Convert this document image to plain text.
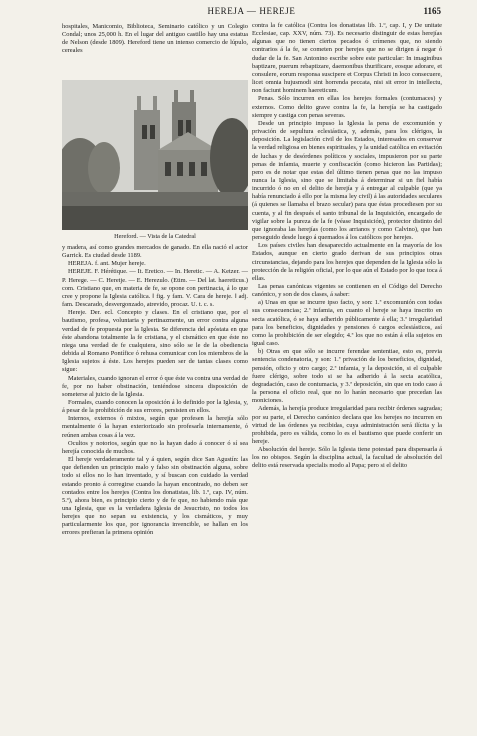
HEREJA — HEREJE	1165

hospitales, Manicomio, Biblioteca, Seminario católico y un Colegio Condal; unos 25,000 h. En el lugar del antiguo castillo hay una estatua de Nelson (desde 1809). Hereford tiene un intenso comercio de lúpulo, cereales

Hereford. — Vista de la Catedral

y madera, así como grandes mercados de ganado. En ella nació el actor Garrick. Es ciudad desde 1189.

HEREJA. f. ant. Mujer hereje.

HEREJE. F. Hérétique. — It. Eretico. — In. Heretic. — A. Ketzer. — P. Herege. — C. Heretje. — E. Herezulo. (Etim. — Del lat. haereticus.) com. Cristiano que, en materia de fe, se opone con pertinacia, á lo que cree y propone la Iglesia católica. ‖ fig. y fam. V. Cara de hereje. ‖ adj. fam. Descarado, desvergonzado, atrevido, procaz. U. t. c. s.

Hereje. Der. ecl. Concepto y clases. En el cristiano que, por el bautismo, profesa, voluntaria y pertinazmente, un error contra alguna verdad de fe propuesta por la Iglesia. Se diferencia del apóstata en que éste abandona totalmente la fe cristiana, y el cismático en que éste no niega una verdad de fe cualquiera, sino sólo se le de la obediencia debida al Romano Pontífice ó rehusa comunicar con los miembros de la Iglesia sujetos á éste. Los herejes pueden ser de tantas clases como sigue:

Materiales, cuando ignoran el error ó que éste va contra una verdad de fe, por no haber obstinación, teniéndose sincera disposición de someterse al juicio de la Iglesia.

Formales, cuando conocen la oposición á lo definido por la Iglesia, y, á pesar de la prohibición de sus errores, persisten en ellos.

Internos, externos ó mixtos, según que profesen la herejía sólo mentalmente ó la hayan exteriorizado sin profesarla internamente, ó reúnen ambas cosas á la vez.

Ocultos y notorios, según que no la hayan dado á conocer ó sí sea herejía conocida de muchos.

El hereje verdaderamente tal y á quien, según dice San Agustín: las que defienden un principio malo y falso sin obstinación alguna, sobre todo si ellos no lo han inventado, y sí buscan con cuidado la verdad estando pronto á corregirse cuando la hayan encontrado, no deben ser contados entre los herejes (Contra los donatistas, lib. 1.º, cap. IV, núm. 5.º), ahora bien, es principio cierto y de fe que, no habiendo más que una Iglesia, que es la verdadera Iglesia de Jesucristo, no todos los herejes que no sepan su existencia, y los cismáticos, y muy particularmente los que, por ignorancia invencible, se hallan en los errores prefieran la primera opinión

contra la fe católica (Contra los donatistas lib. 1.º, cap. I, y De unitate Ecclesiae, cap. XXV, núm. 73). Es necesario distinguir de estas herejías algunas que no tienen ciertos pecados ó crímenes que, no siendo contrarios á la fe, se cometen por herejes que no se dirigen á negar ó dudar de la fe. San Antonino escribe sobre este particular: In imaginibus baptizare, puerum rebaptizare, daemonibus thurificare, eosque adorare, et consulere, eorum responsa suscipere et Corpus Christi in loco consecuere, licet omnia hujusmodi sint horrenda peccata, nisi sit error in intellectu, non faciunt hominem haereticum.

Penas. Sólo incurren en ellas los herejes formales (contumaces) y externos. Como delito grave contra la fe, la herejía se ha castigado siempre y castiga con penas severas.

Desde un principio impuso la Iglesia la pena de excomunión y privación de sepultura eclesiástica, y, además, para los clérigos, la deposición. La legislación civil de los Estados, interesados en conservar la verdad religiosa en bienes espirituales, y la unidad católica en evitación de luchas y de desórdenes políticos y sociales, impusieron por su parte penas de infamia, muerte y confiscación (como hicieron las Partidas); pero es de notar que estas del último tienen penas que no las impuso nunca la Iglesia, sino que se limitaba á determinar si un fiel había incurrido ó no en el delito de herejía y á entregar al culpable (que ya había renunciado á ello por la misma ley civil) á las autoridades seculares (á quienes se llamaba el brazo secular) para que éstas procediesen por su cuenta, y al fin después el santo tribunal de la Inquisición, encargado de vigilar sobre la pureza de la fe (véase Inquisición), protector distinto del que ignoraba las herejías (como los arrianos y como Calvino), que han perseguido desde luego á quemados á los católicos por herejes.

Los países civiles han desaparecido actualmente en la mayoría de los Estados, aunque en cierto grado derivan de sus principios otras circunstancias, dejando para los herejes que dependen de la Iglesia sólo la protección de la religión oficial, por lo que aún el Estado por lo que toca á ellas.

Las penas canónicas vigentes se contienen en el Código del Derecho canónico, y son de dos clases, á saber:

a) Unas en que se incurre ipso facto, y son: 1.ª excomunión con todas sus consecuencias; 2.ª infamia, en cuanto el hereje se haya inscrito en secta acatólica, ó se haya adherido públicamente á ella; 3.ª irregularidad para los beneficios, dignidades y pensiones ó cargos eclesiásticos, así como la prohibición de ser elegido; 4.ª los que no están á ella sujetos en igual caso.

b) Otras en que sólo se incurre ferendae sententiae, esto es, previa sentencia condenatoria, y son: 1.ª privación de los beneficios, dignidad, pensión, oficio y otro cargo; 2.ª infamia, y la deposición, si el culpable fuere clérigo, sobre todo si se ha adherido á la secta acatólica, degradación, caso de contumacia, y 3.ª deposición, sin que en todo caso á la persona el oficio real, que no lo harán necesario que precedan las moniciones.

Además, la herejía produce irregularidad para recibir órdenes sagradas; por su parte, el Derecho canónico declara que los herejes no incurren en virtud de las órdenes ya recibidas, cuya administración será ilícita y la prohibida, pero es válida, como lo es el bautismo que puede conferir un hereje.

Absolución del hereje. Sólo la Iglesia tiene potestad para dispensarla á los no obispos. Según la disciplina actual, la facultad de absolución del delito está reservada specialis modo al Papa; pero si el delito
